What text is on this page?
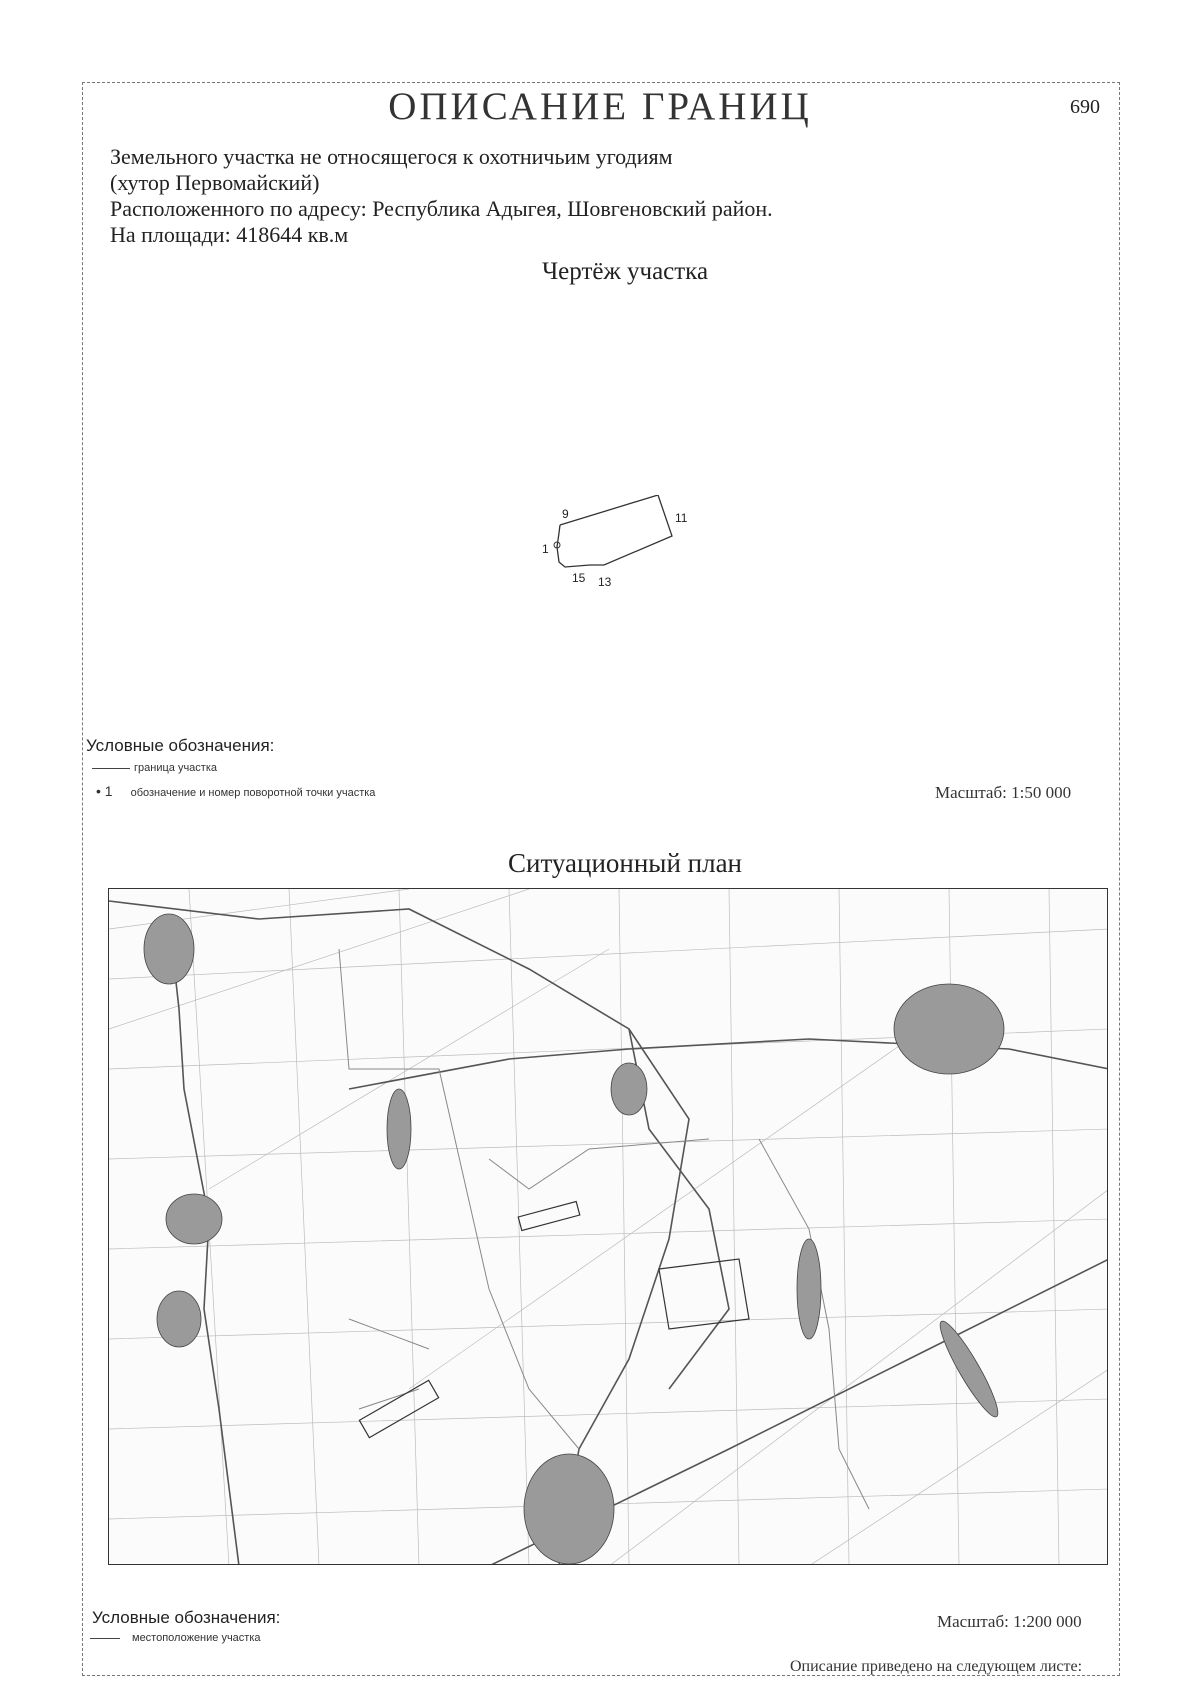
ОПИСАНИЕ ГРАНИЦ	690
Земельного участка не относящегося к охотничьим угодиям
(хутор Первомайский)
Расположенного по адресу: Республика Адыгея, Шовгеновский район.
На площади: 418644 кв.м
Чертёж участка
9	11
1
15 13
Условные обозначения:
граница участка
• 1 обозначение и номер поворотной точки участка	Масштаб: 1:50 000
Ситуационный план
Условные обозначения:	Масштаб: 1:200 000
местоположение участка
Описание приведено на следующем листе:
